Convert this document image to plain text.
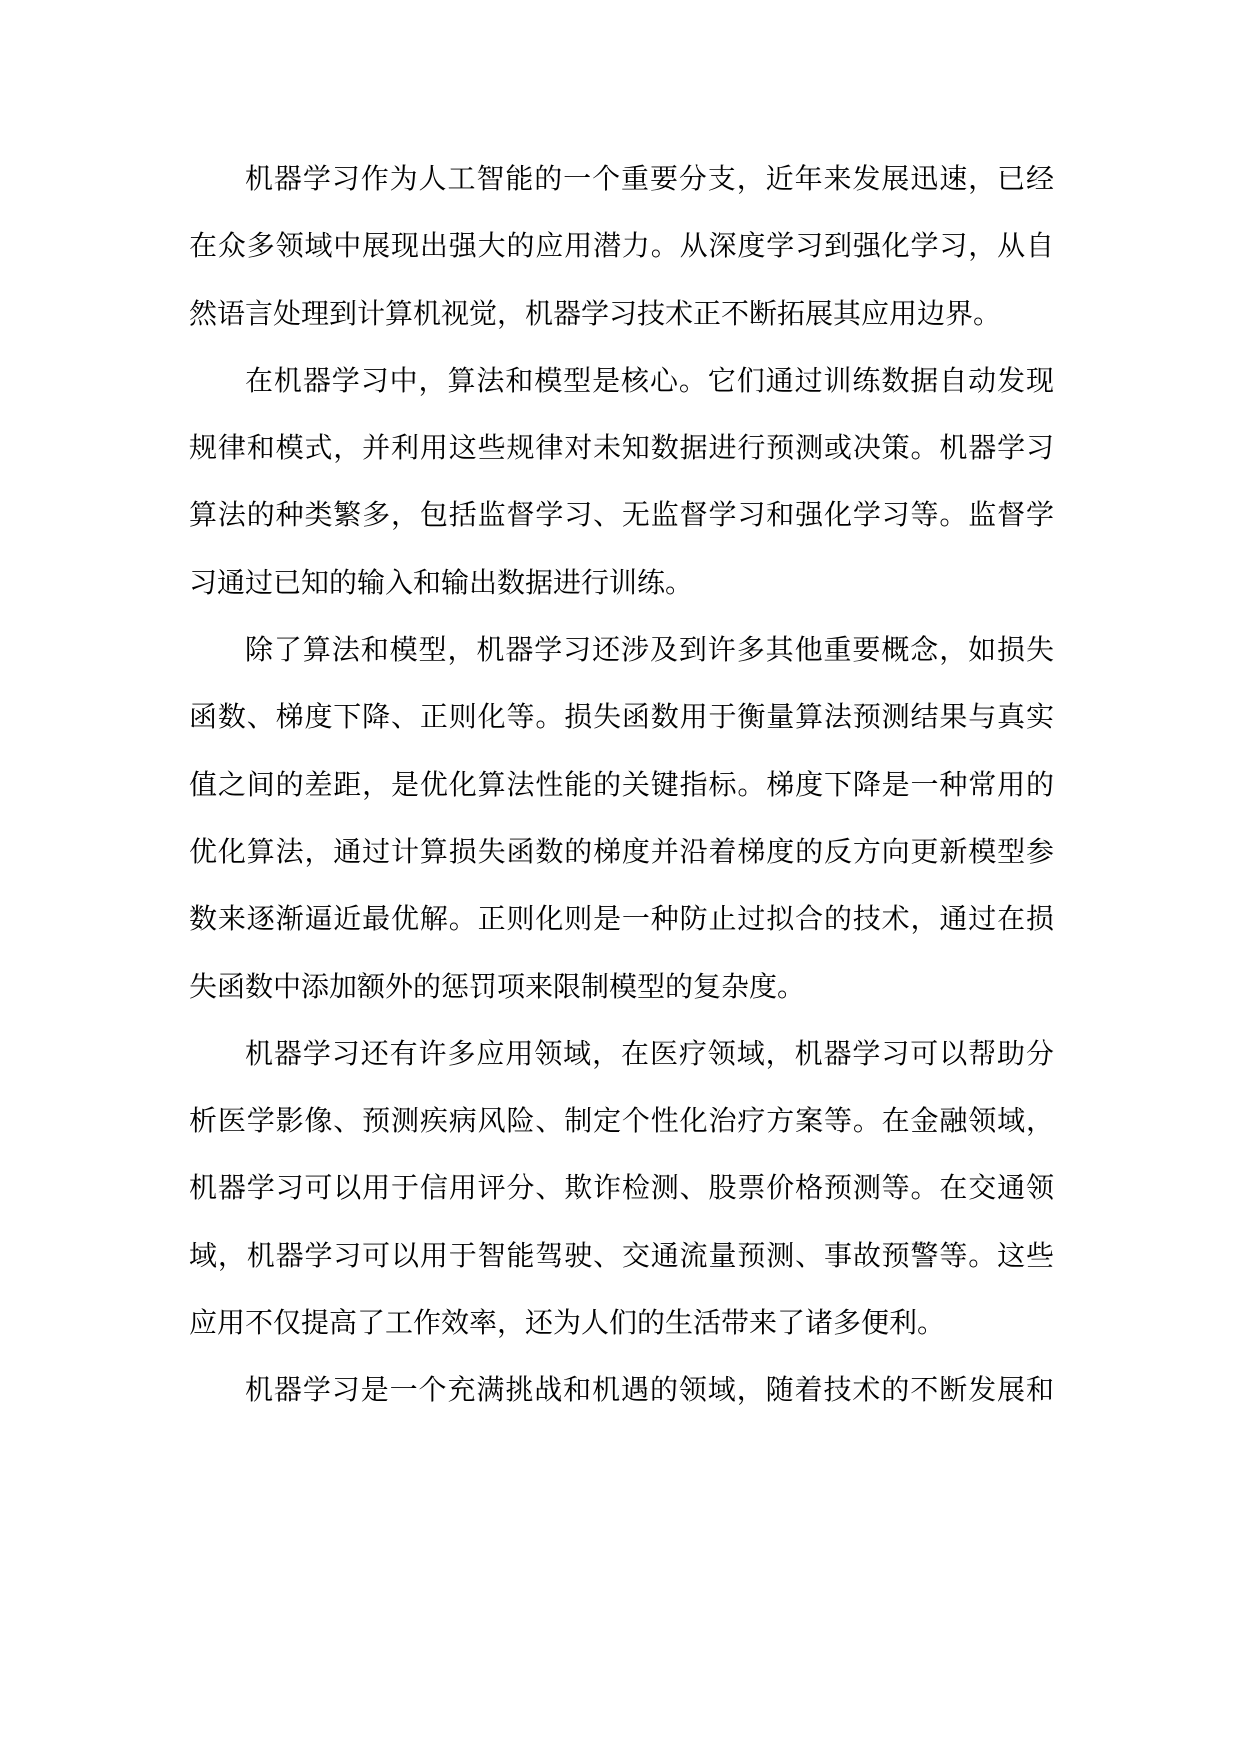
机器学习作为人工智能的一个重要分支，近年来发展迅速，已经
在众多领域中展现出强大的应用潜力。从深度学习到强化学习，从自
然语言处理到计算机视觉，机器学习技术正不断拓展其应用边界。
在机器学习中，算法和模型是核心。它们通过训练数据自动发现
规律和模式，并利用这些规律对未知数据进行预测或决策。机器学习
算法的种类繁多，包括监督学习、无监督学习和强化学习等。监督学
习通过已知的输入和输出数据进行训练。
除了算法和模型，机器学习还涉及到许多其他重要概念，如损失
函数、梯度下降、正则化等。损失函数用于衡量算法预测结果与真实
值之间的差距，是优化算法性能的关键指标。梯度下降是一种常用的
优化算法，通过计算损失函数的梯度并沿着梯度的反方向更新模型参
数来逐渐逼近最优解。正则化则是一种防止过拟合的技术，通过在损
失函数中添加额外的惩罚项来限制模型的复杂度。
机器学习还有许多应用领域，在医疗领域，机器学习可以帮助分
析医学影像、预测疾病风险、制定个性化治疗方案等。在金融领域，
机器学习可以用于信用评分、欺诈检测、股票价格预测等。在交通领
域，机器学习可以用于智能驾驶、交通流量预测、事故预警等。这些
应用不仅提高了工作效率，还为人们的生活带来了诸多便利。
机器学习是一个充满挑战和机遇的领域，随着技术的不断发展和
